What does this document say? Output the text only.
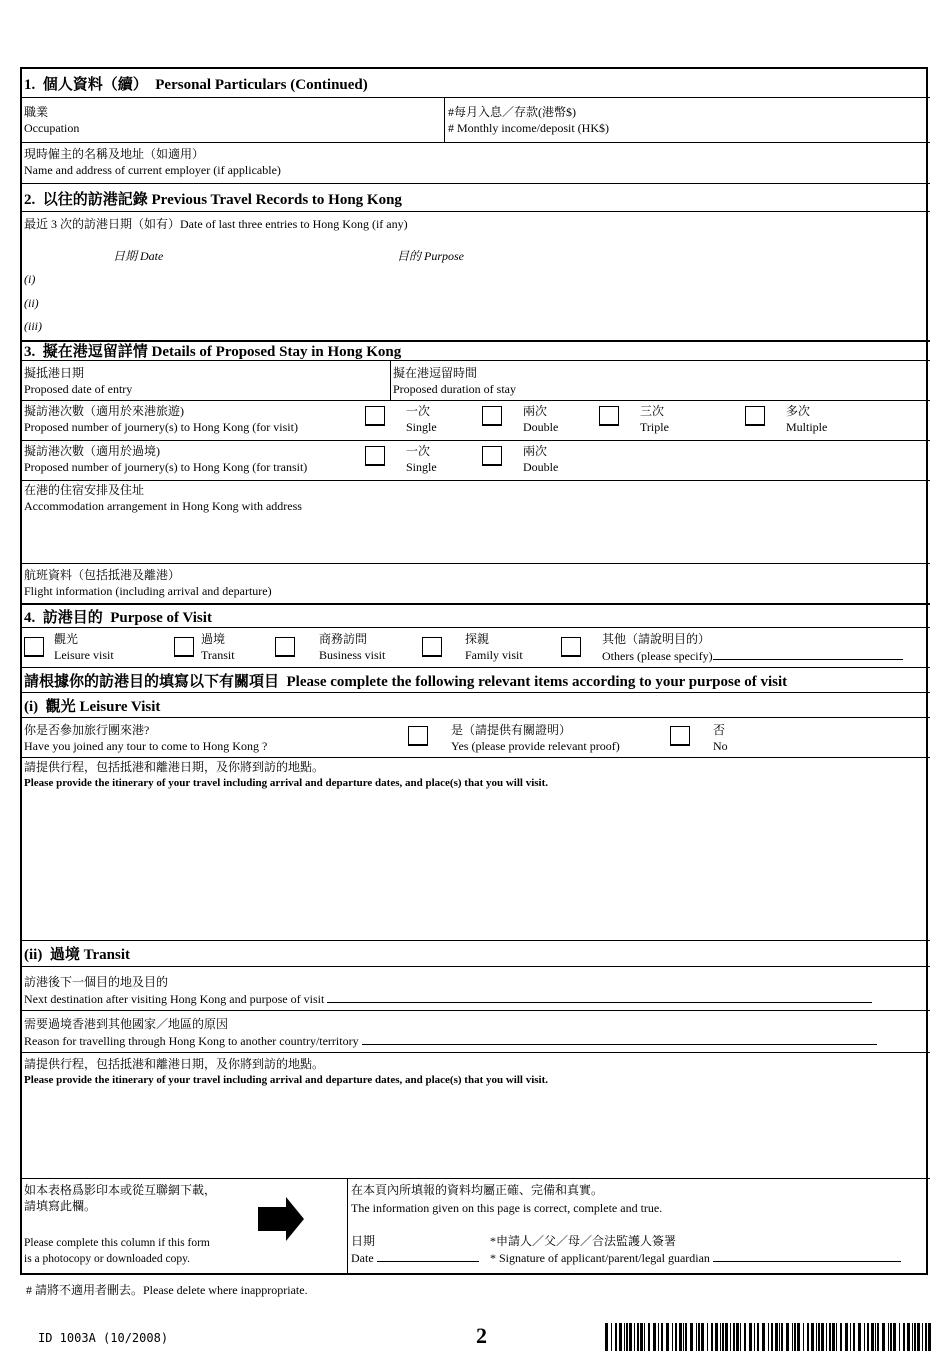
1. 個人資料（續） Personal Particulars (Continued)
職業
Occupation
#每月入息／存款(港幣$)
# Monthly income/deposit (HK$)
現時僱主的名稱及地址（如適用）
Name and address of current employer (if applicable)
2. 以往的訪港記錄 Previous Travel Records to Hong Kong
最近 3 次的訪港日期（如有）Date of last three entries to Hong Kong (if any)
日期 Date	目的 Purpose
(i)
(ii)
(iii)
3. 擬在港逗留詳情 Details of Proposed Stay in Hong Kong
擬抵港日期
Proposed date of entry
擬在港逗留時間
Proposed duration of stay
擬訪港次數（適用於來港旅遊)
Proposed number of journery(s) to Hong Kong (for visit)
一次
Single
兩次
Double
三次
Triple
多次
Multiple
擬訪港次數（適用於過境)
Proposed number of journery(s) to Hong Kong (for transit)
一次
Single
兩次
Double
在港的住宿安排及住址
Accommodation arrangement in Hong Kong with address
航班資料（包括抵港及離港）
Flight information (including arrival and departure)
4. 訪港目的 Purpose of Visit
觀光
Leisure visit
過境
Transit
商務訪問
Business visit
探親
Family visit
其他（請說明目的）
Others (please specify)
請根據你的訪港目的填寫以下有關項目 Please complete the following relevant items according to your purpose of visit
(i) 觀光 Leisure Visit
你是否參加旅行團來港?
Have you joined any tour to come to Hong Kong ?
是（請提供有關證明）
Yes (please provide relevant proof)
否
No
請提供行程，包括抵港和離港日期，及你將到訪的地點。
Please provide the itinerary of your travel including arrival and departure dates, and place(s) that you will visit.
(ii) 過境 Transit
訪港後下一個目的地及目的
Next destination after visiting Hong Kong and purpose of visit
需要過境香港到其他國家／地區的原因
Reason for travelling through Hong Kong to another country/territory
請提供行程，包括抵港和離港日期，及你將到訪的地點。
Please provide the itinerary of your travel including arrival and departure dates, and place(s) that you will visit.
如本表格爲影印本或從互聯網下載，
請填寫此欄。
Please complete this column if this form
is a photocopy or downloaded copy.
在本頁內所填報的資料均屬正確、完備和真實。
The information given on this page is correct, complete and true.
日期
Date
*申請人／父／母／合法監護人簽署
* Signature of applicant/parent/legal guardian
# 請將不適用者刪去。Please delete where inappropriate.
ID 1003A (10/2008)	2
